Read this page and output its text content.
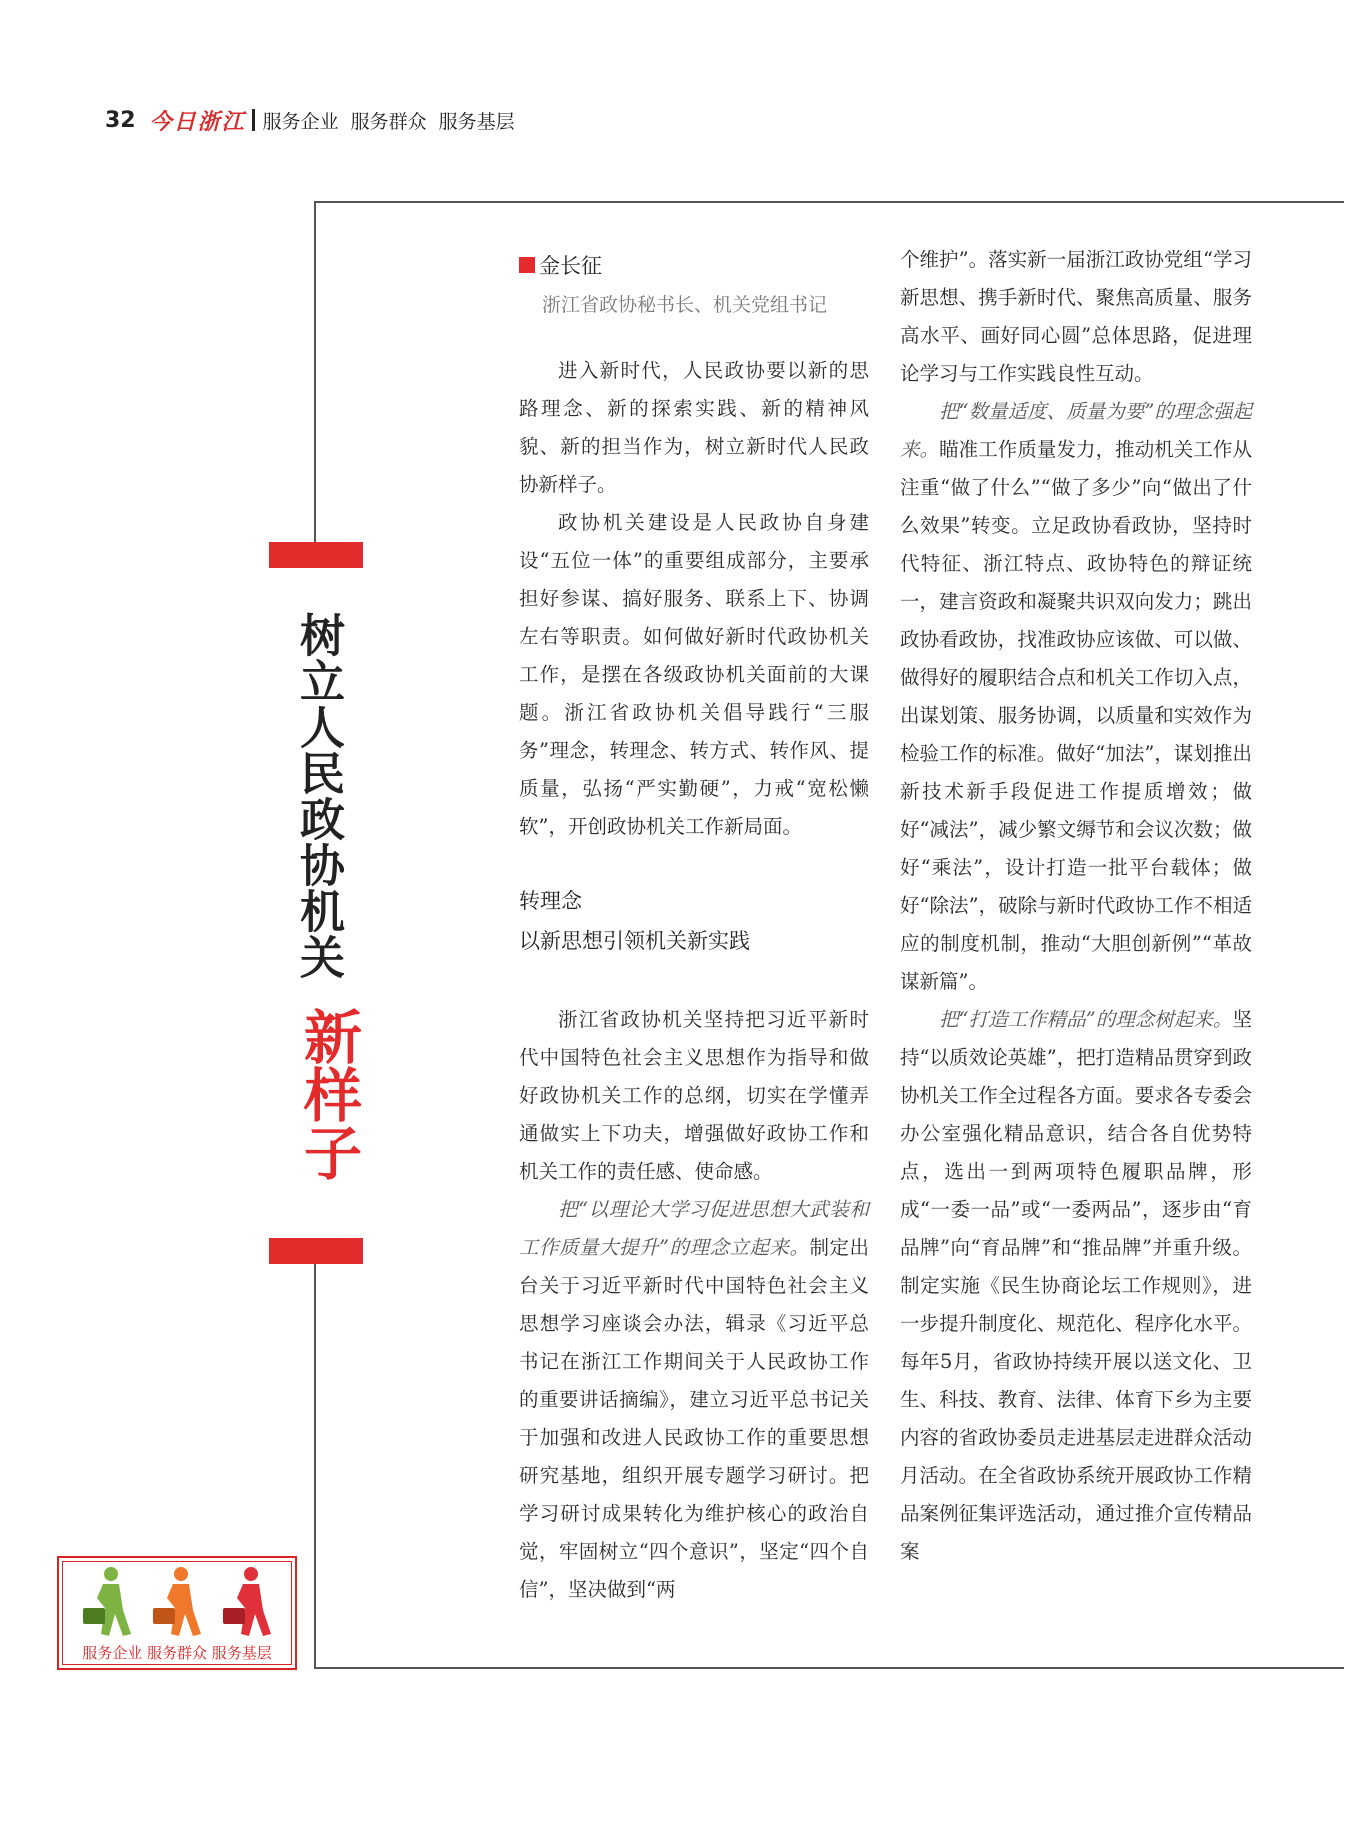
32 今日浙江 服务企业 服务群众 服务基层
树立人民政协机关
新样子
金长征
浙江省政协秘书长、机关党组书记

进入新时代，人民政协要以新的思路理念、新的探索实践、新的精神风貌、新的担当作为，树立新时代人民政协新样子。

政协机关建设是人民政协自身建设“五位一体”的重要组成部分，主要承担好参谋、搞好服务、联系上下、协调左右等职责。如何做好新时代政协机关工作，是摆在各级政协机关面前的大课题。浙江省政协机关倡导践行“三服务”理念，转理念、转方式、转作风、提质量，弘扬“严实勤硬”，力戒“宽松懒软”，开创政协机关工作新局面。

转理念
以新思想引领机关新实践

浙江省政协机关坚持把习近平新时代中国特色社会主义思想作为指导和做好政协机关工作的总纲，切实在学懂弄通做实上下功夫，增强做好政协工作和机关工作的责任感、使命感。

把“以理论大学习促进思想大武装和工作质量大提升”的理念立起来。制定出台关于习近平新时代中国特色社会主义思想学习座谈会办法，辑录《习近平总书记在浙江工作期间关于人民政协工作的重要讲话摘编》，建立习近平总书记关于加强和改进人民政协工作的重要思想研究基地，组织开展专题学习研讨。把学习研讨成果转化为维护核心的政治自觉，牢固树立“四个意识”，坚定“四个自信”，坚决做到“两

个维护”。落实新一届浙江政协党组“学习新思想、携手新时代、聚焦高质量、服务高水平、画好同心圆”总体思路，促进理论学习与工作实践良性互动。

把“数量适度、质量为要”的理念强起来。瞄准工作质量发力，推动机关工作从注重“做了什么”“做了多少”向“做出了什么效果”转变。立足政协看政协，坚持时代特征、浙江特点、政协特色的辩证统一，建言资政和凝聚共识双向发力；跳出政协看政协，找准政协应该做、可以做、做得好的履职结合点和机关工作切入点，出谋划策、服务协调，以质量和实效作为检验工作的标准。做好“加法”，谋划推出新技术新手段促进工作提质增效；做好“减法”，减少繁文缛节和会议次数；做好“乘法”，设计打造一批平台载体；做好“除法”，破除与新时代政协工作不相适应的制度机制，推动“大胆创新例”“革故谋新篇”。

把“打造工作精品”的理念树起来。坚持“以质效论英雄”，把打造精品贯穿到政协机关工作全过程各方面。要求各专委会办公室强化精品意识，结合各自优势特点，选出一到两项特色履职品牌，形成“一委一品”或“一委两品”，逐步由“育品牌”向“育品牌”和“推品牌”并重升级。制定实施《民生协商论坛工作规则》，进一步提升制度化、规范化、程序化水平。每年5月，省政协持续开展以送文化、卫生、科技、教育、法律、体育下乡为主要内容的省政协委员走进基层走进群众活动月活动。在全省政协系统开展政协工作精品案例征集评选活动，通过推介宣传精品案

服务企业 服务群众 服务基层
